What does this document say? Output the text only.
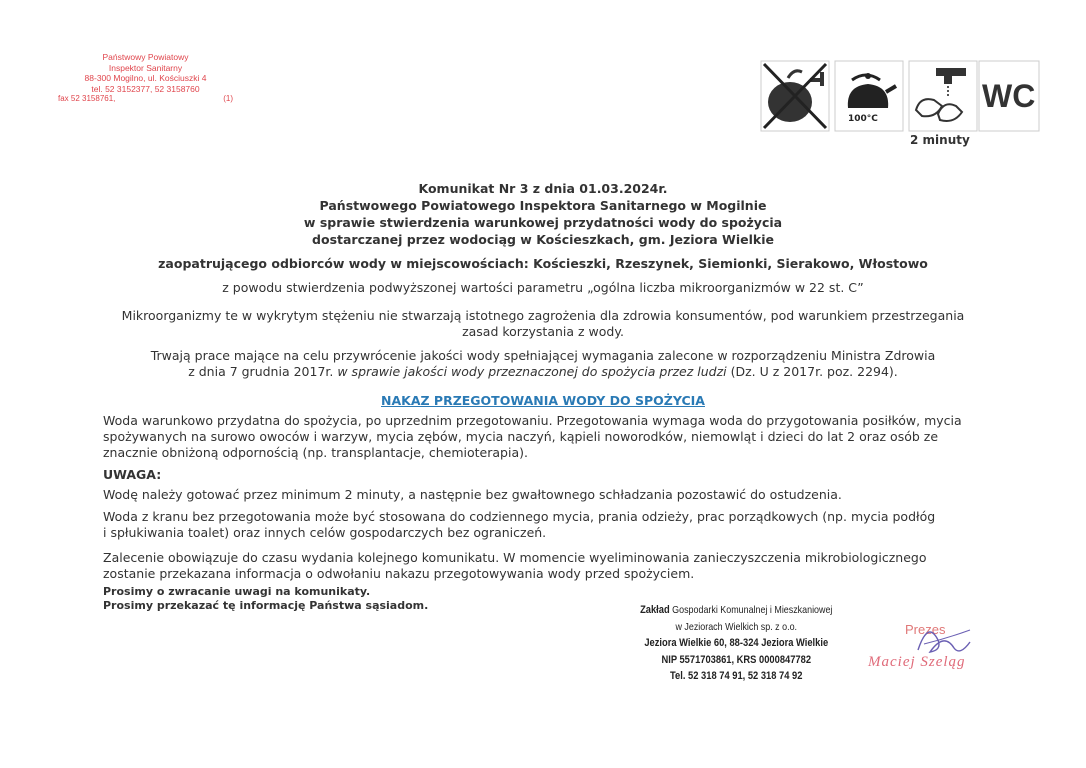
Państwowy Powiatowy
Inspektor Sanitarny
88-300 Mogilno, ul. Kościuszki 4
tel. 52 3152377, 52 3158760
fax 52 3158761,	(1)
100°C
WC
2 minuty
Komunikat Nr 3 z dnia 01.03.2024r.
Państwowego Powiatowego Inspektora Sanitarnego w Mogilnie
w sprawie stwierdzenia warunkowej przydatności wody do spożycia
dostarczanej przez wodociąg w Kościeszkach, gm. Jeziora Wielkie
zaopatrującego odbiorców wody w miejscowościach: Kościeszki, Rzeszynek, Siemionki, Sierakowo, Włostowo
z powodu stwierdzenia podwyższonej wartości parametru „ogólna liczba mikroorganizmów w 22 st. C”
Mikroorganizmy te w wykrytym stężeniu nie stwarzają istotnego zagrożenia dla zdrowia konsumentów, pod warunkiem przestrzegania
zasad korzystania z wody.
Trwają prace mające na celu przywrócenie jakości wody spełniającej wymagania zalecone w rozporządzeniu Ministra Zdrowia
z dnia 7 grudnia 2017r. w sprawie jakości wody przeznaczonej do spożycia przez ludzi (Dz. U z 2017r. poz. 2294).
NAKAZ PRZEGOTOWANIA WODY DO SPOŻYCIA
Woda warunkowo przydatna do spożycia, po uprzednim przegotowaniu. Przegotowania wymaga woda do przygotowania posiłków, mycia
spożywanych na surowo owoców i warzyw, mycia zębów, mycia naczyń, kąpieli noworodków, niemowląt i dzieci do lat 2 oraz osób ze
znacznie obniżoną odpornością (np. transplantacje, chemioterapia).
UWAGA:
Wodę należy gotować przez minimum 2 minuty, a następnie bez gwałtownego schładzania pozostawić do ostudzenia.
Woda z kranu bez przegotowania może być stosowana do codziennego mycia, prania odzieży, prac porządkowych (np. mycia podłóg
i spłukiwania toalet) oraz innych celów gospodarczych bez ograniczeń.
Zalecenie obowiązuje do czasu wydania kolejnego komunikatu. W momencie wyeliminowania zanieczyszczenia mikrobiologicznego
zostanie przekazana informacja o odwołaniu nakazu przegotowywania wody przed spożyciem.
Prosimy o zwracanie uwagi na komunikaty.
Prosimy przekazać tę informację Państwa sąsiadom.	Zakład Gospodarki Komunalnej i Mieszkaniowej
w Jeziorach Wielkich sp. z o.o.
Jeziora Wielkie 60, 88-324 Jeziora Wielkie
NIP 5571703861, KRS 0000847782
Tel. 52 318 74 91, 52 318 74 92
Prezes
Maciej Szeląg
